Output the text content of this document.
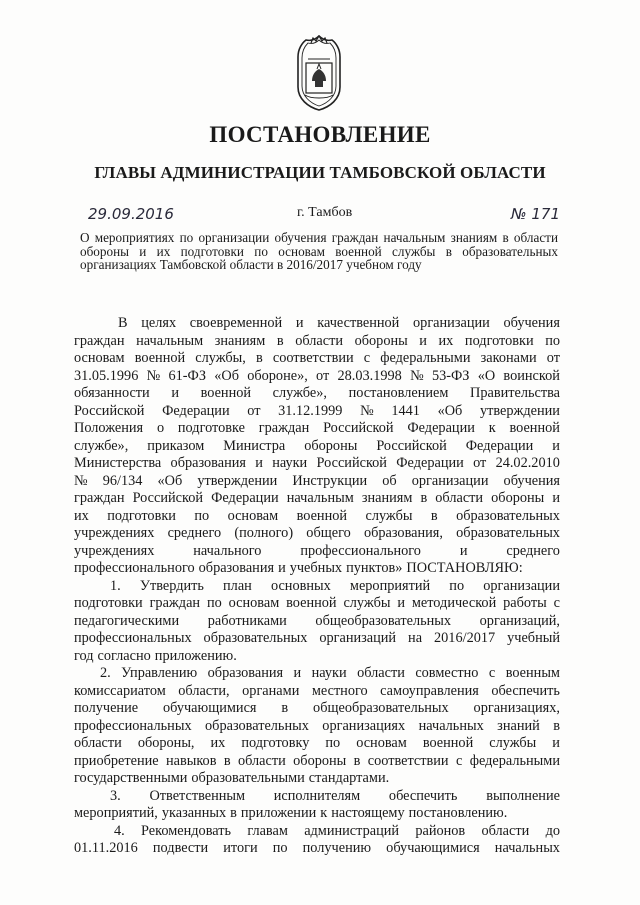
ПОСТАНОВЛЕНИЕ
ГЛАВЫ АДМИНИСТРАЦИИ ТАМБОВСКОЙ ОБЛАСТИ
29.09.2016	г. Тамбов	№ 171
О мероприятиях по организации обучения граждан начальным знаниям в области обороны и их подготовки по основам военной службы в образовательных организациях Тамбовской области в 2016/2017 учебном году
В целях своевременной и качественной организации обучения
граждан начальным знаниям в области обороны и их подготовки по
основам военной службы, в соответствии с федеральными законами от
31.05.1996 № 61-ФЗ «Об обороне», от 28.03.1998 № 53-ФЗ «О воинской
обязанности и военной службе», постановлением Правительства
Российской Федерации от 31.12.1999 № 1441 «Об утверждении
Положения о подготовке граждан Российской Федерации к военной
службе», приказом Министра обороны Российской Федерации и
Министерства образования и науки Российской Федерации от 24.02.2010
№ 96/134 «Об утверждении Инструкции об организации обучения
граждан Российской Федерации начальным знаниям в области обороны и
их подготовки по основам военной службы в образовательных
учреждениях среднего (полного) общего образования, образовательных
учреждениях	начального	профессионального	и	среднего
профессионального образования и учебных пунктов» ПОСТАНОВЛЯЮ:
1. Утвердить план основных мероприятий по организации
подготовки граждан по основам военной службы и методической работы с
педагогическими работниками общеобразовательных организаций,
профессиональных образовательных организаций на 2016/2017 учебный
год согласно приложению.
2. Управлению образования и науки области совместно с военным
комиссариатом области, органами местного самоуправления обеспечить
получение обучающимися в общеобразовательных организациях,
профессиональных образовательных организациях начальных знаний в
области обороны, их подготовку по основам военной службы и
приобретение навыков в области обороны в соответствии с федеральными
государственными образовательными стандартами.
3. Ответственным исполнителям обеспечить выполнение
мероприятий, указанных в приложении к настоящему постановлению.
4. Рекомендовать главам администраций районов области до
01.11.2016 подвести итоги по получению обучающимися начальных
